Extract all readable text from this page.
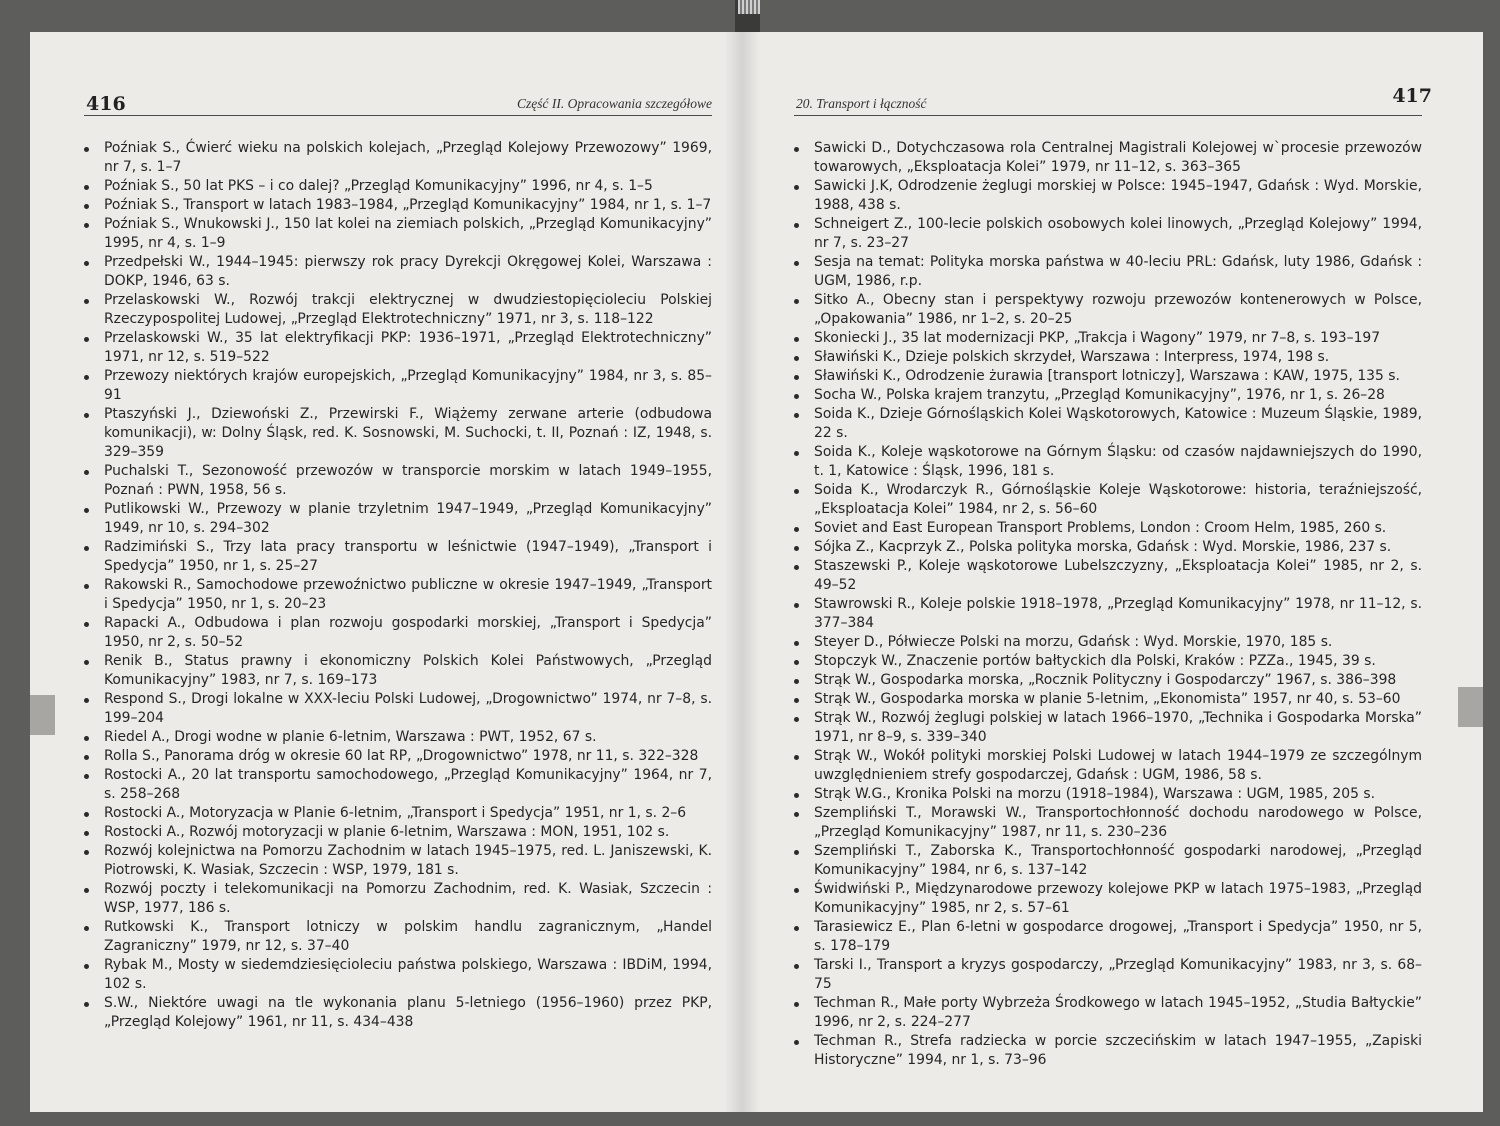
416	Część II. Opracowania szczegółowe
Poźniak S., Ćwierć wieku na polskich kolejach, „Przegląd Kolejowy Przewozowy” 1969, nr 7, s. 1–7
Poźniak S., 50 lat PKS – i co dalej? „Przegląd Komunikacyjny” 1996, nr 4, s. 1–5
Poźniak S., Transport w latach 1983–1984, „Przegląd Komunikacyjny” 1984, nr 1, s. 1–7
Poźniak S., Wnukowski J., 150 lat kolei na ziemiach polskich, „Przegląd Komunikacyjny” 1995, nr 4, s. 1–9
Przedpełski W., 1944–1945: pierwszy rok pracy Dyrekcji Okręgowej Kolei, Warszawa : DOKP, 1946, 63 s.
Przelaskowski W., Rozwój trakcji elektrycznej w dwudziestopięcioleciu Polskiej Rzeczypospolitej Ludowej, „Przegląd Elektrotechniczny” 1971, nr 3, s. 118–122
Przelaskowski W., 35 lat elektryfikacji PKP: 1936–1971, „Przegląd Elektrotechniczny” 1971, nr 12, s. 519–522
Przewozy niektórych krajów europejskich, „Przegląd Komunikacyjny” 1984, nr 3, s. 85–91
Ptaszyński J., Dziewoński Z., Przewirski F., Wiążemy zerwane arterie (odbudowa komunikacji), w: Dolny Śląsk, red. K. Sosnowski, M. Suchocki, t. II, Poznań : IZ, 1948, s. 329–359
Puchalski T., Sezonowość przewozów w transporcie morskim w latach 1949–1955, Poznań : PWN, 1958, 56 s.
Putlikowski W., Przewozy w planie trzyletnim 1947–1949, „Przegląd Komunikacyjny” 1949, nr 10, s. 294–302
Radzimiński S., Trzy lata pracy transportu w leśnictwie (1947–1949), „Transport i Spedycja” 1950, nr 1, s. 25–27
Rakowski R., Samochodowe przewoźnictwo publiczne w okresie 1947–1949, „Transport i Spedycja” 1950, nr 1, s. 20–23
Rapacki A., Odbudowa i plan rozwoju gospodarki morskiej, „Transport i Spedycja” 1950, nr 2, s. 50–52
Renik B., Status prawny i ekonomiczny Polskich Kolei Państwowych, „Przegląd Komunikacyjny” 1983, nr 7, s. 169–173
Respond S., Drogi lokalne w XXX-leciu Polski Ludowej, „Drogownictwo” 1974, nr 7–8, s. 199–204
Riedel A., Drogi wodne w planie 6-letnim, Warszawa : PWT, 1952, 67 s.
Rolla S., Panorama dróg w okresie 60 lat RP, „Drogownictwo” 1978, nr 11, s. 322–328
Rostocki A., 20 lat transportu samochodowego, „Przegląd Komunikacyjny” 1964, nr 7, s. 258–268
Rostocki A., Motoryzacja w Planie 6-letnim, „Transport i Spedycja” 1951, nr 1, s. 2–6
Rostocki A., Rozwój motoryzacji w planie 6-letnim, Warszawa : MON, 1951, 102 s.
Rozwój kolejnictwa na Pomorzu Zachodnim w latach 1945–1975, red. L. Janiszewski, K. Piotrowski, K. Wasiak, Szczecin : WSP, 1979, 181 s.
Rozwój poczty i telekomunikacji na Pomorzu Zachodnim, red. K. Wasiak, Szczecin : WSP, 1977, 186 s.
Rutkowski K., Transport lotniczy w polskim handlu zagranicznym, „Handel Zagraniczny” 1979, nr 12, s. 37–40
Rybak M., Mosty w siedemdziesięcioleciu państwa polskiego, Warszawa : IBDiM, 1994, 102 s.
S.W., Niektóre uwagi na tle wykonania planu 5-letniego (1956–1960) przez PKP, „Przegląd Kolejowy” 1961, nr 11, s. 434–438
20. Transport i łączność	417
Sawicki D., Dotychczasowa rola Centralnej Magistrali Kolejowej w`procesie przewozów towarowych, „Eksploatacja Kolei” 1979, nr 11–12, s. 363–365
Sawicki J.K, Odrodzenie żeglugi morskiej w Polsce: 1945–1947, Gdańsk : Wyd. Morskie, 1988, 438 s.
Schneigert Z., 100-lecie polskich osobowych kolei linowych, „Przegląd Kolejowy” 1994, nr 7, s. 23–27
Sesja na temat: Polityka morska państwa w 40-leciu PRL: Gdańsk, luty 1986, Gdańsk : UGM, 1986, r.p.
Sitko A., Obecny stan i perspektywy rozwoju przewozów kontenerowych w Polsce, „Opakowania” 1986, nr 1–2, s. 20–25
Skoniecki J., 35 lat modernizacji PKP, „Trakcja i Wagony” 1979, nr 7–8, s. 193–197
Sławiński K., Dzieje polskich skrzydeł, Warszawa : Interpress, 1974, 198 s.
Sławiński K., Odrodzenie żurawia [transport lotniczy], Warszawa : KAW, 1975, 135 s.
Socha W., Polska krajem tranzytu, „Przegląd Komunikacyjny”, 1976, nr 1, s. 26–28
Soida K., Dzieje Górnośląskich Kolei Wąskotorowych, Katowice : Muzeum Śląskie, 1989, 22 s.
Soida K., Koleje wąskotorowe na Górnym Śląsku: od czasów najdawniejszych do 1990, t. 1, Katowice : Śląsk, 1996, 181 s.
Soida K., Wrodarczyk R., Górnośląskie Koleje Wąskotorowe: historia, teraźniejszość, „Eksploatacja Kolei” 1984, nr 2, s. 56–60
Soviet and East European Transport Problems, London : Croom Helm, 1985, 260 s.
Sójka Z., Kacprzyk Z., Polska polityka morska, Gdańsk : Wyd. Morskie, 1986, 237 s.
Staszewski P., Koleje wąskotorowe Lubelszczyzny, „Eksploatacja Kolei” 1985, nr 2, s. 49–52
Stawrowski R., Koleje polskie 1918–1978, „Przegląd Komunikacyjny” 1978, nr 11–12, s. 377–384
Steyer D., Półwiecze Polski na morzu, Gdańsk : Wyd. Morskie, 1970, 185 s.
Stopczyk W., Znaczenie portów bałtyckich dla Polski, Kraków : PZZa., 1945, 39 s.
Strąk W., Gospodarka morska, „Rocznik Polityczny i Gospodarczy” 1967, s. 386–398
Strąk W., Gospodarka morska w planie 5-letnim, „Ekonomista” 1957, nr 40, s. 53–60
Strąk W., Rozwój żeglugi polskiej w latach 1966–1970, „Technika i Gospodarka Morska” 1971, nr 8–9, s. 339–340
Strąk W., Wokół polityki morskiej Polski Ludowej w latach 1944–1979 ze szczególnym uwzględnieniem strefy gospodarczej, Gdańsk : UGM, 1986, 58 s.
Strąk W.G., Kronika Polski na morzu (1918–1984), Warszawa : UGM, 1985, 205 s.
Szempliński T., Morawski W., Transportochłonność dochodu narodowego w Polsce, „Przegląd Komunikacyjny” 1987, nr 11, s. 230–236
Szempliński T., Zaborska K., Transportochłonność gospodarki narodowej, „Przegląd Komunikacyjny” 1984, nr 6, s. 137–142
Świdwiński P., Międzynarodowe przewozy kolejowe PKP w latach 1975–1983, „Przegląd Komunikacyjny” 1985, nr 2, s. 57–61
Tarasiewicz E., Plan 6-letni w gospodarce drogowej, „Transport i Spedycja” 1950, nr 5, s. 178–179
Tarski I., Transport a kryzys gospodarczy, „Przegląd Komunikacyjny” 1983, nr 3, s. 68–75
Techman R., Małe porty Wybrzeża Środkowego w latach 1945–1952, „Studia Bałtyckie” 1996, nr 2, s. 224–277
Techman R., Strefa radziecka w porcie szczecińskim w latach 1947–1955, „Zapiski Historyczne” 1994, nr 1, s. 73–96
